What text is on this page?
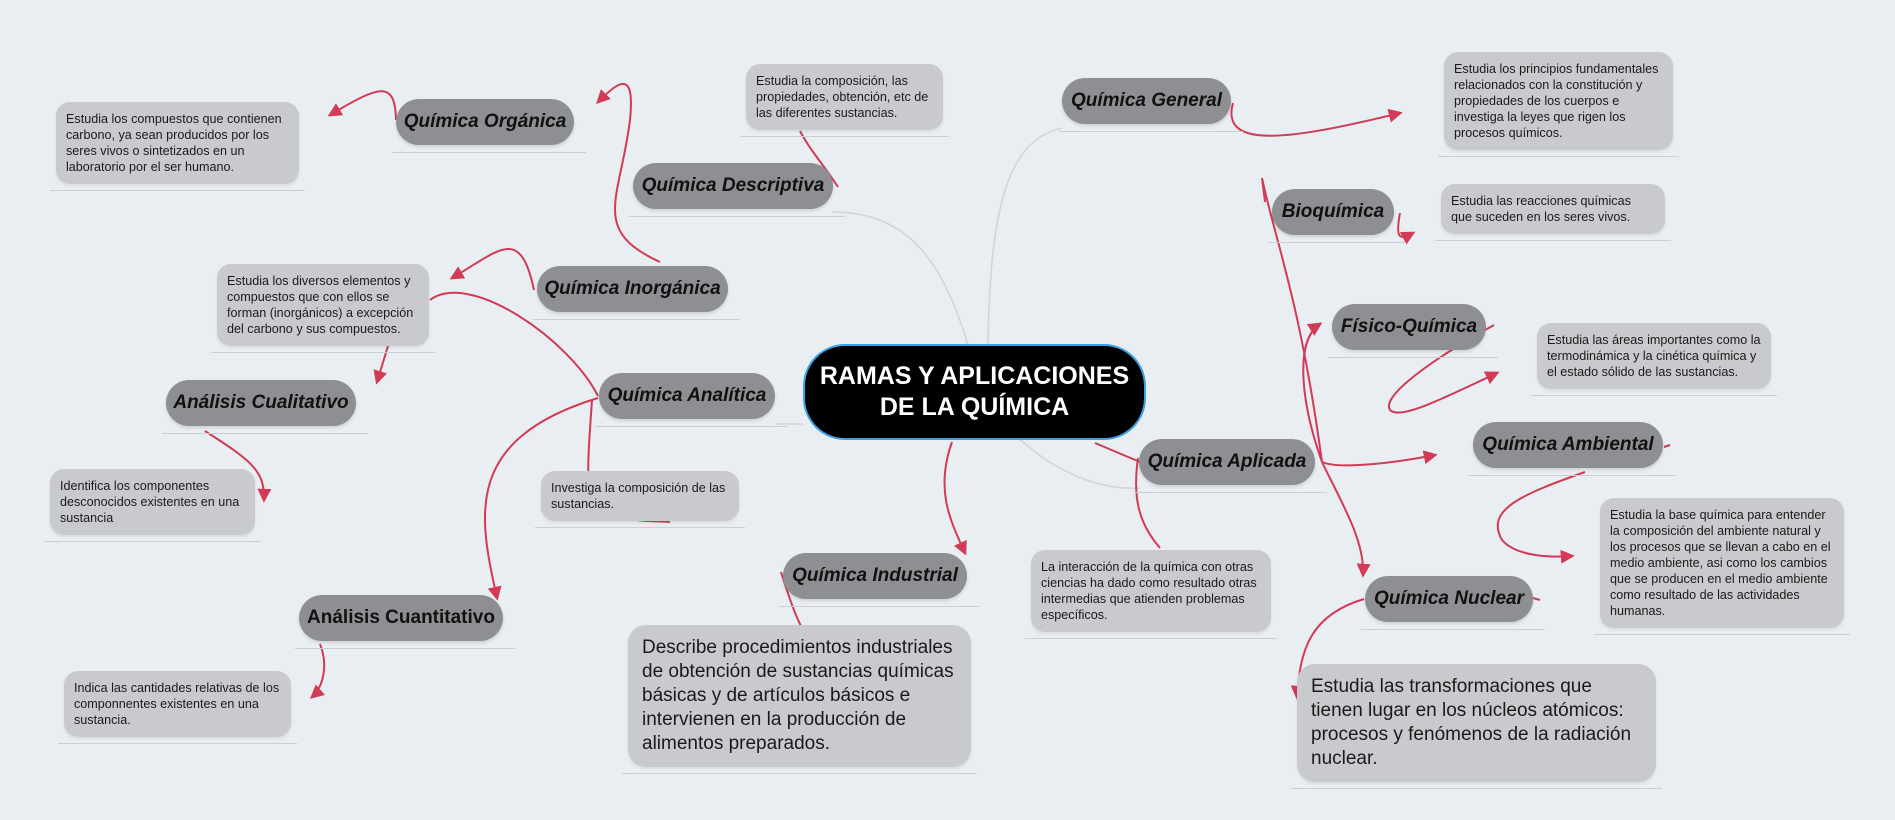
RAMAS Y APLICACIONES DE LA QUÍMICA
Química Orgánica
Química Descriptiva
Química Inorgánica
Química Analítica
Análisis Cualitativo
Análisis Cuantitativo
Química Industrial
Química Aplicada
Química General
Bioquímica
Físico-Química
Química Ambiental
Química Nuclear
Estudia los compuestos que contienen carbono, ya sean producidos por los seres vivos o sintetizados en un laboratorio por el ser humano.
Estudia la composición, las propiedades, obtención, etc de las diferentes sustancias.
Estudia los diversos elementos y compuestos que con ellos se forman (inorgánicos) a excepción del carbono y sus compuestos.
Identifica los componentes desconocidos existentes en una sustancia
Investiga la composición de las sustancias.
Indica las cantidades relativas de los componnentes existentes en una sustancia.
Describe procedimientos industriales de obtención de sustancias químicas básicas y de artículos básicos e intervienen en la producción de alimentos preparados.
La interacción de la química con otras ciencias ha dado como resultado otras intermedias que atienden problemas específicos.
Estudia los principios fundamentales relacionados con la constitución y propiedades de los cuerpos e investiga la leyes que rigen los procesos químicos.
Estudia las reacciones químicas que suceden en los seres vivos.
Estudia las áreas importantes como la termodinámica y la cinética química y el estado sólido de las sustancias.
Estudia la base química para entender la composición del ambiente natural y los procesos que se llevan a cabo en el medio ambiente, asi como los cambios que se producen en el medio ambiente como resultado de las actividades humanas.
Estudia las transformaciones que tienen lugar en los núcleos atómicos: procesos y fenómenos de la radiación nuclear.
